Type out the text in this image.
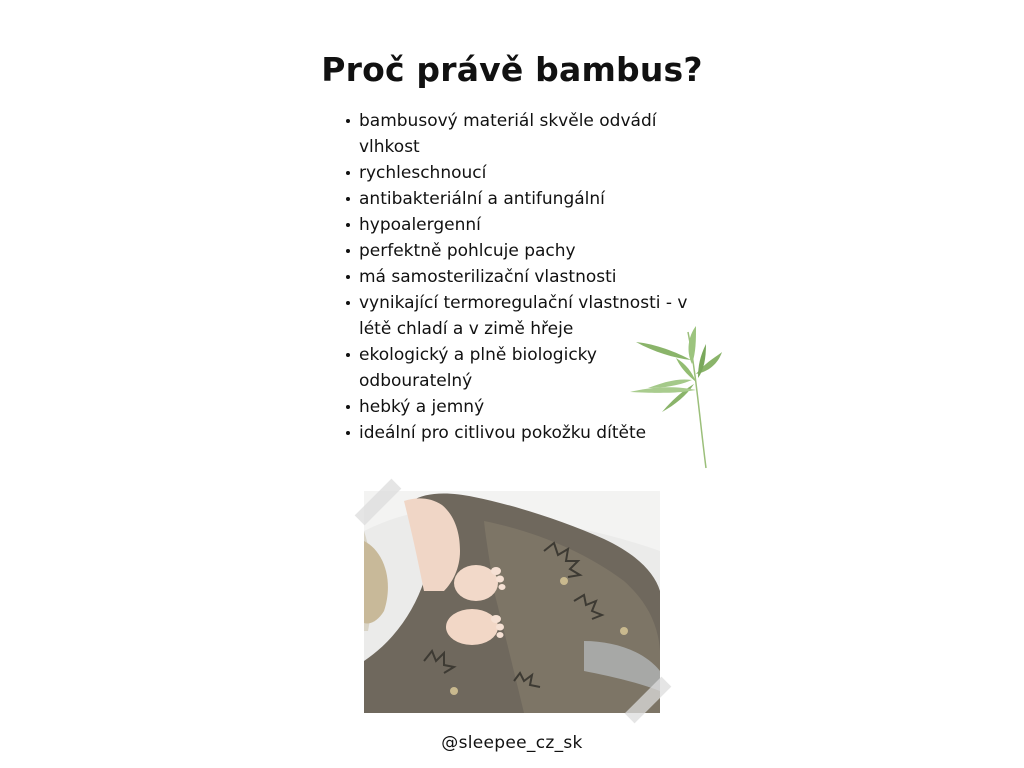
Proč právě bambus?
bambusový materiál skvěle odvádí vlhkost
rychleschnoucí
antibakteriální a antifungální
hypoalergenní
perfektně pohlcuje pachy
má samosterilizační vlastnosti
vynikající termoregulační vlastnosti - v létě chladí a v zimě hřeje
ekologický a plně biologicky odbouratelný
hebký a jemný
ideální pro citlivou pokožku dítěte
@sleepee_cz_sk
